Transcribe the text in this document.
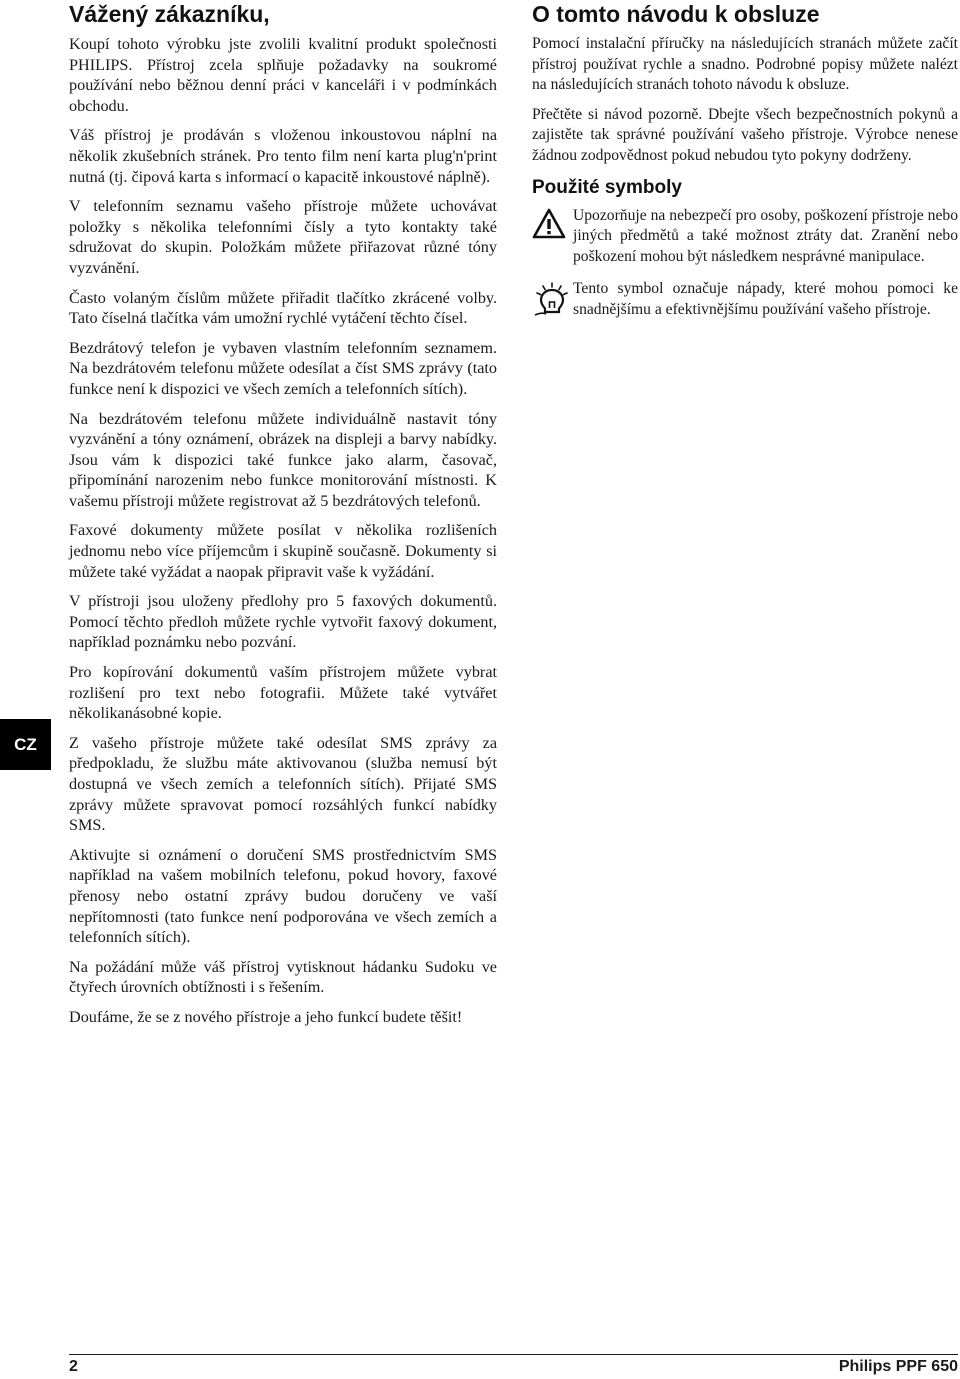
Vážený zákazníku,

Koupí tohoto výrobku jste zvolili kvalitní produkt společnosti PHILIPS. Přístroj zcela splňuje požadavky na soukromé používání nebo běžnou denní práci v kanceláři i v podmínkách obchodu.

Váš přístroj je prodáván s vloženou inkoustovou náplní na několik zkušebních stránek. Pro tento film není karta plug'n'print nutná (tj. čipová karta s informací o kapacitě inkoustové náplně).

V telefonním seznamu vašeho přístroje můžete uchovávat položky s několika telefonními čísly a tyto kontakty také sdružovat do skupin. Položkám můžete přiřazovat různé tóny vyzvánění.

Často volaným číslům můžete přiřadit tlačítko zkrácené volby. Tato číselná tlačítka vám umožní rychlé vytáčení těchto čísel.

Bezdrátový telefon je vybaven vlastním telefonním seznamem. Na bezdrátovém telefonu můžete odesílat a číst SMS zprávy (tato funkce není k dispozici ve všech zemích a telefonních sítích).

Na bezdrátovém telefonu můžete individuálně nastavit tóny vyzvánění a tóny oznámení, obrázek na displeji a barvy nabídky. Jsou vám k dispozici také funkce jako alarm, časovač, připomínání narozenim nebo funkce monitorování místnosti. K vašemu přístroji můžete registrovat až 5 bezdrátových telefonů.

Faxové dokumenty můžete posílat v několika rozlišeních jednomu nebo více příjemcům i skupině současně. Dokumenty si můžete také vyžádat a naopak připravit vaše k vyžádání.

V přístroji jsou uloženy předlohy pro 5 faxových dokumentů. Pomocí těchto předloh můžete rychle vytvořit faxový dokument, například poznámku nebo pozvání.

Pro kopírování dokumentů vaším přístrojem můžete vybrat rozlišení pro text nebo fotografii. Můžete také vytvářet několikanásobné kopie.

Z vašeho přístroje můžete také odesílat SMS zprávy za předpokladu, že službu máte aktivovanou (služba nemusí být dostupná ve všech zemích a telefonních sítích). Přijaté SMS zprávy můžete spravovat pomocí rozsáhlých funkcí nabídky SMS.

Aktivujte si oznámení o doručení SMS prostřednictvím SMS například na vašem mobilních telefonu, pokud hovory, faxové přenosy nebo ostatní zprávy budou doručeny ve vaší nepřítomnosti (tato funkce není podporována ve všech zemích a telefonních sítích).

Na požádání může váš přístroj vytisknout hádanku Sudoku ve čtyřech úrovních obtížnosti i s řešením.

Doufáme, že se z nového přístroje a jeho funkcí budete těšit!

O tomto návodu k obsluze

Pomocí instalační příručky na následujících stranách můžete začít přístroj používat rychle a snadno. Podrobné popisy můžete nalézt na následujících stranách tohoto návodu k obsluze.

Přečtěte si návod pozorně. Dbejte všech bezpečnostních pokynů a zajistěte tak správné používání vašeho přístroje. Výrobce nenese žádnou zodpovědnost pokud nebudou tyto pokyny dodrženy.

Použité symboly

Upozorňuje na nebezpečí pro osoby, poškození přístroje nebo jiných předmětů a také možnost ztráty dat. Zranění nebo poškození mohou být následkem nesprávné manipulace.

Tento symbol označuje nápady, které mohou pomoci ke snadnějšímu a efektivnějšímu používání vašeho přístroje.

CZ
2	Philips PPF 650
